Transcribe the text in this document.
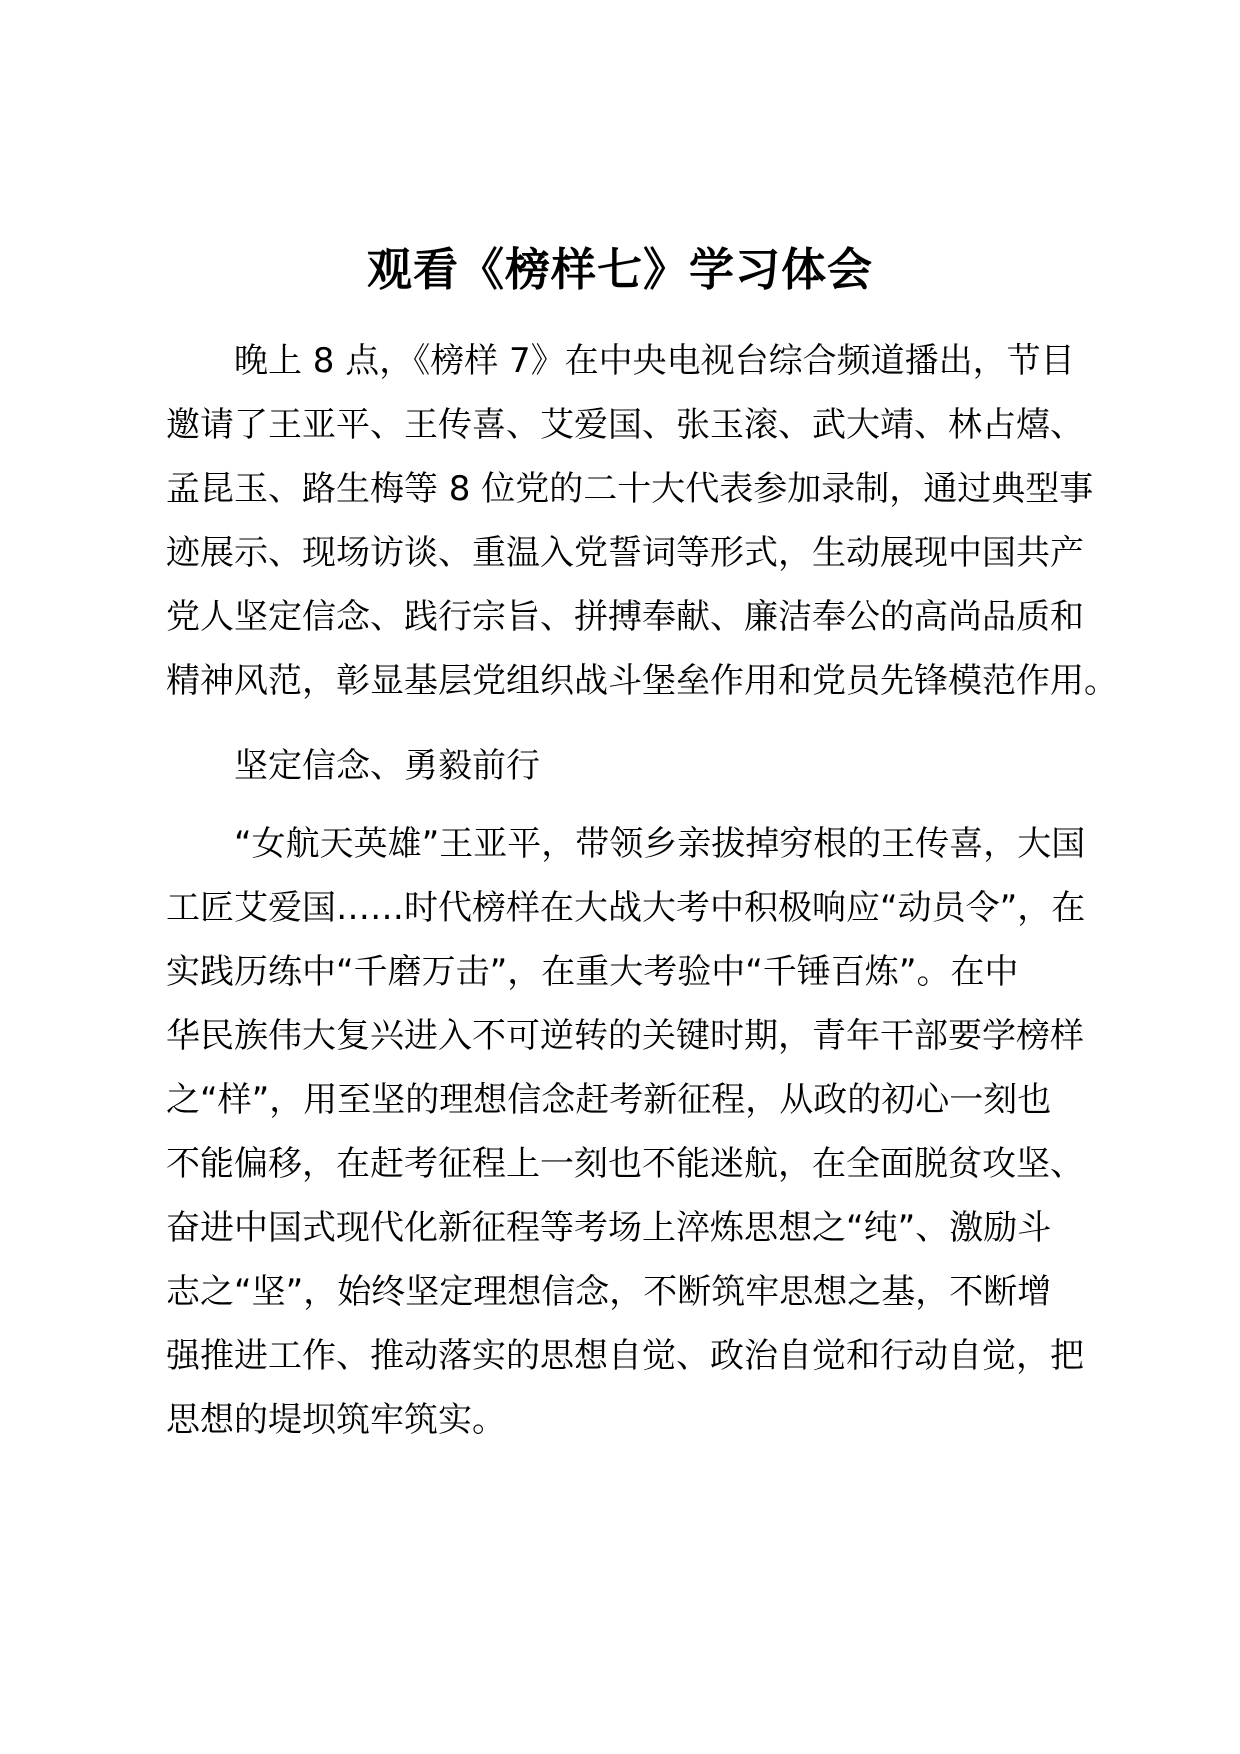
观看《榜样七》学习体会
晚上 8 点，《榜样 7》在中央电视台综合频道播出，节目
邀请了王亚平、王传喜、艾爱国、张玉滚、武大靖、林占熺、
孟昆玉、路生梅等 8 位党的二十大代表参加录制，通过典型事
迹展示、现场访谈、重温入党誓词等形式，生动展现中国共产
党人坚定信念、践行宗旨、拼搏奉献、廉洁奉公的高尚品质和
精神风范，彰显基层党组织战斗堡垒作用和党员先锋模范作用。
坚定信念、勇毅前行
“女航天英雄”王亚平，带领乡亲拔掉穷根的王传喜，大国
工匠艾爱国……时代榜样在大战大考中积极响应“动员令”，在
实践历练中“千磨万击”，在重大考验中“千锤百炼”。在中
华民族伟大复兴进入不可逆转的关键时期，青年干部要学榜样
之“样”，用至坚的理想信念赶考新征程，从政的初心一刻也
不能偏移，在赶考征程上一刻也不能迷航，在全面脱贫攻坚、
奋进中国式现代化新征程等考场上淬炼思想之“纯”、激励斗
志之“坚”，始终坚定理想信念，不断筑牢思想之基，不断增
强推进工作、推动落实的思想自觉、政治自觉和行动自觉，把
思想的堤坝筑牢筑实。
